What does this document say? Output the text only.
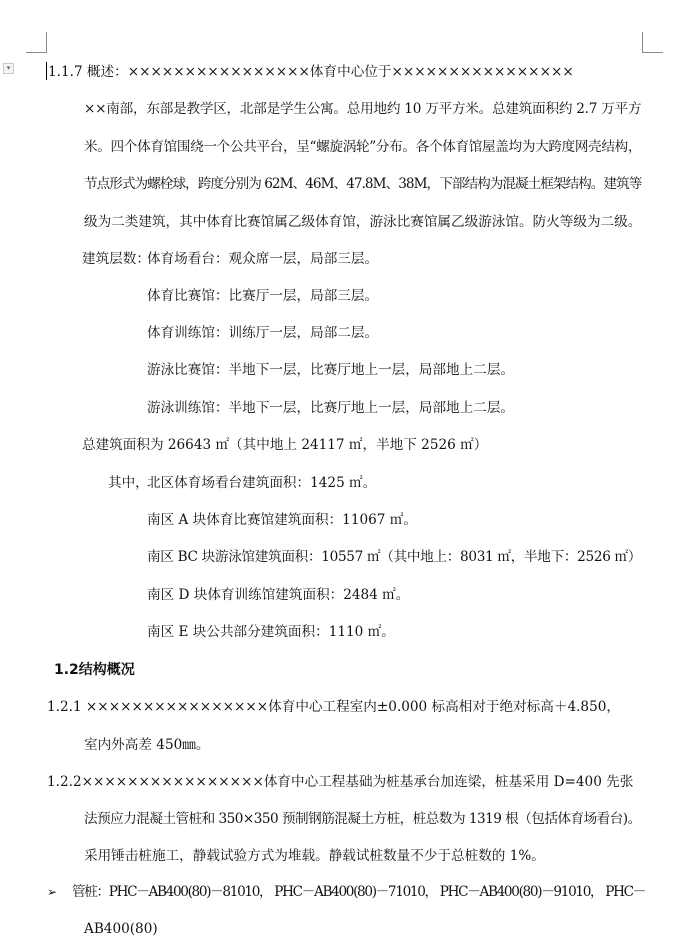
▾	1.1.7 概述：××××××××××××××××体育中心位于××××××××××××××××
××南部，东部是教学区，北部是学生公寓。总用地约 10 万平方米。总建筑面积约 2.7 万平方
米。四个体育馆围绕一个公共平台，呈“螺旋涡轮”分布。各个体育馆屋盖均为大跨度网壳结构，
节点形式为螺栓球，跨度分别为 62M、46M、47.8M、38M，下部结构为混凝土框架结构。建筑等
级为二类建筑，其中体育比赛馆属乙级体育馆，游泳比赛馆属乙级游泳馆。防火等级为二级。
建筑层数：
体育场看台：观众席一层，局部三层。
体育比赛馆：比赛厅一层，局部三层。
体育训练馆：训练厅一层，局部二层。
游泳比赛馆：半地下一层，比赛厅地上一层，局部地上二层。
游泳训练馆：半地下一层，比赛厅地上一层，局部地上二层。
总建筑面积为 26643 ㎡（其中地上 24117 ㎡，半地下 2526 ㎡）
其中，
北区体育场看台建筑面积：1425 ㎡。
南区 A 块体育比赛馆建筑面积：11067 ㎡。
南区 BC 块游泳馆建筑面积：10557 ㎡（其中地上：8031 ㎡，半地下：2526 ㎡）
南区 D 块体育训练馆建筑面积：2484 ㎡。
南区 E 块公共部分建筑面积：1110 ㎡。
1.2结构概况
1.2.1 ××××××××××××××××体育中心工程室内±0.000 标高相对于绝对标高＋4.850，
室内外高差 450㎜。
1.2.2××××××××××××××××体育中心工程基础为桩基承台加连梁，桩基采用 D=400 先张
法预应力混凝土管桩和 350×350 预制钢筋混凝土方桩，桩总数为 1319 根（包括体育场看台)。
采用锤击桩施工，静载试验方式为堆载。静载试桩数量不少于总桩数的 1%。
➢ 管桩：PHC－AB400(80)－81010， PHC－AB400(80)－71010， PHC－AB400(80)－91010， PHC－
AB400(80)
